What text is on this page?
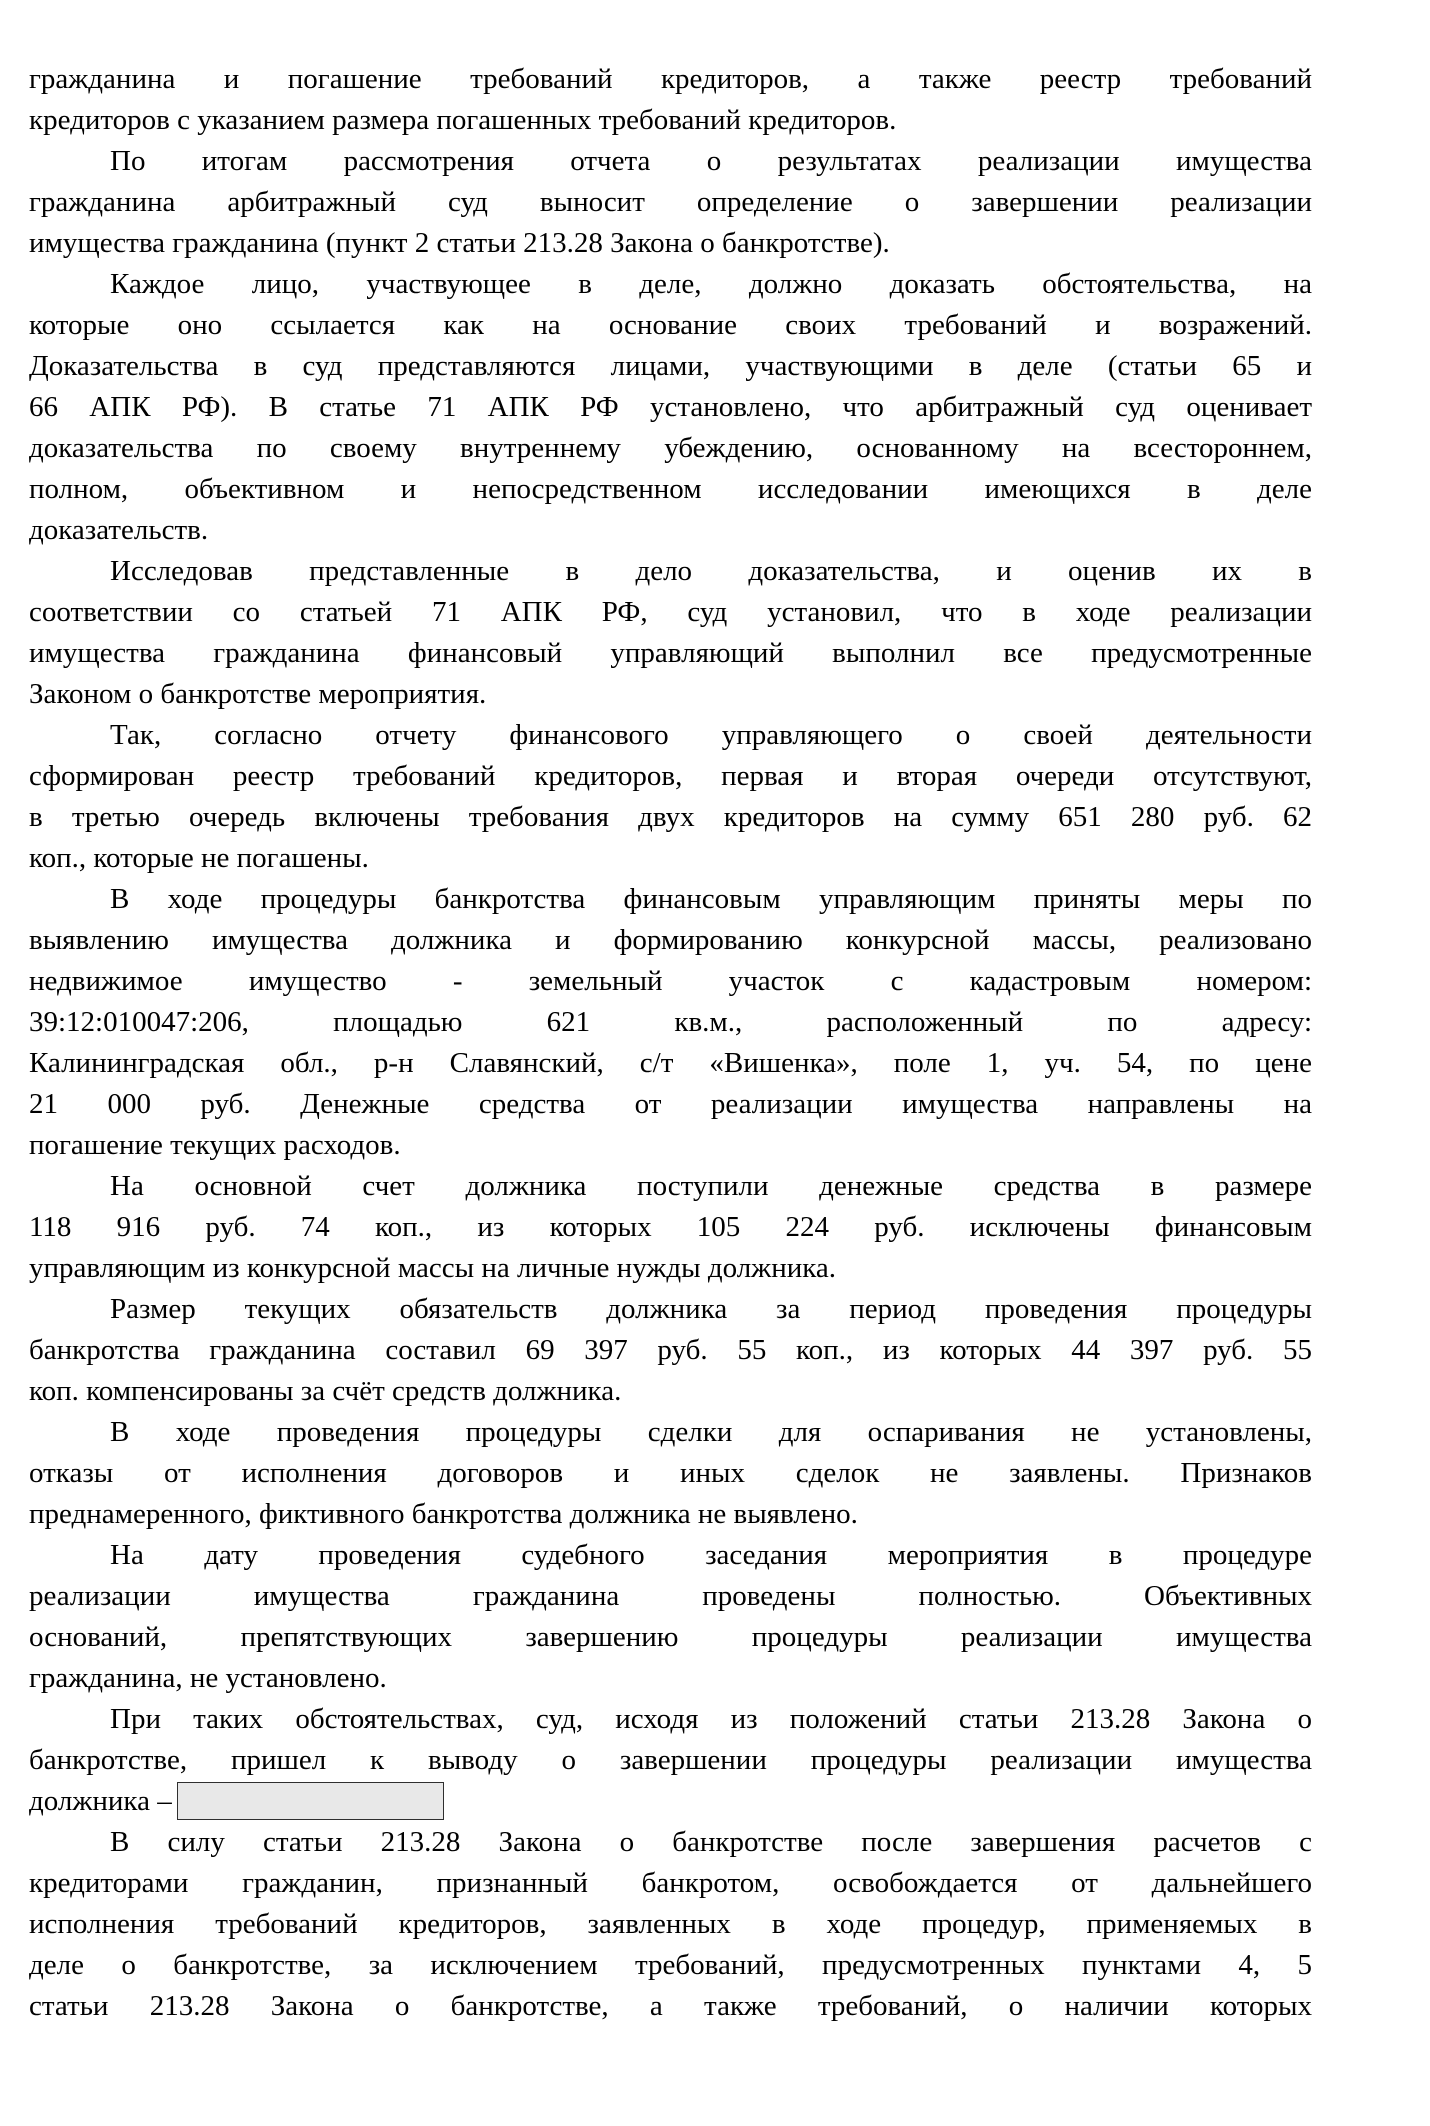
гражданина и погашение требований кредиторов, а также реестр требований
кредиторов с указанием размера погашенных требований кредиторов.
По итогам рассмотрения отчета о результатах реализации имущества
гражданина арбитражный суд выносит определение о завершении реализации
имущества гражданина (пункт 2 статьи 213.28 Закона о банкротстве).
Каждое лицо, участвующее в деле, должно доказать обстоятельства, на
которые оно ссылается как на основание своих требований и возражений.
Доказательства в суд представляются лицами, участвующими в деле (статьи 65 и
66 АПК РФ). В статье 71 АПК РФ установлено, что арбитражный суд оценивает
доказательства по своему внутреннему убеждению, основанному на всестороннем,
полном, объективном и непосредственном исследовании имеющихся в деле
доказательств.
Исследовав представленные в дело доказательства, и оценив их в
соответствии со статьей 71 АПК РФ, суд установил, что в ходе реализации
имущества гражданина финансовый управляющий выполнил все предусмотренные
Законом о банкротстве мероприятия.
Так, согласно отчету финансового управляющего о своей деятельности
сформирован реестр требований кредиторов, первая и вторая очереди отсутствуют,
в третью очередь включены требования двух кредиторов на сумму 651 280 руб. 62
коп., которые не погашены.
В ходе процедуры банкротства финансовым управляющим приняты меры по
выявлению имущества должника и формированию конкурсной массы, реализовано
недвижимое имущество - земельный участок с кадастровым номером:
39:12:010047:206, площадью 621 кв.м., расположенный по адресу:
Калининградская обл., р-н Славянский, с/т «Вишенка», поле 1, уч. 54, по цене
21 000 руб. Денежные средства от реализации имущества направлены на
погашение текущих расходов.
На основной счет должника поступили денежные средства в размере
118 916 руб. 74 коп., из которых 105 224 руб. исключены финансовым
управляющим из конкурсной массы на личные нужды должника.
Размер текущих обязательств должника за период проведения процедуры
банкротства гражданина составил 69 397 руб. 55 коп., из которых 44 397 руб. 55
коп. компенсированы за счёт средств должника.
В ходе проведения процедуры сделки для оспаривания не установлены,
отказы от исполнения договоров и иных сделок не заявлены. Признаков
преднамеренного, фиктивного банкротства должника не выявлено.
На дату проведения судебного заседания мероприятия в процедуре
реализации имущества гражданина проведены полностью. Объективных
оснований, препятствующих завершению процедуры реализации имущества
гражданина, не установлено.
При таких обстоятельствах, суд, исходя из положений статьи 213.28 Закона о
банкротстве, пришел к выводу о завершении процедуры реализации имущества
должника –
В силу статьи 213.28 Закона о банкротстве после завершения расчетов с
кредиторами гражданин, признанный банкротом, освобождается от дальнейшего
исполнения требований кредиторов, заявленных в ходе процедур, применяемых в
деле о банкротстве, за исключением требований, предусмотренных пунктами 4, 5
статьи 213.28 Закона о банкротстве, а также требований, о наличии которых
